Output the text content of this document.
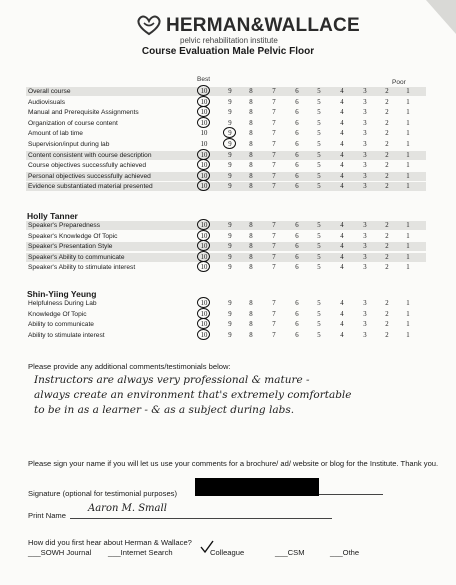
HERMAN&WALLACE
pelvic rehabilitation institute
Course Evaluation Male Pelvic Floor
Best	Poor
Overall course	10	9	8	7	6	5	4	3	2	1
Audiovisuals	10	9	8	7	6	5	4	3	2	1
Manual and Prerequisite Assignments	10	9	8	7	6	5	4	3	2	1
Organization of course content	10	9	8	7	6	5	4	3	2	1
Amount of lab time	10	9	8	7	6	5	4	3	2	1
Supervision/input during lab	10	9	8	7	6	5	4	3	2	1
Content consistent with course description	10	9	8	7	6	5	4	3	2	1
Course objectives successfully achieved	10	9	8	7	6	5	4	3	2	1
Personal objectives successfully achieved	10	9	8	7	6	5	4	3	2	1
Evidence substantiated material presented	10	9	8	7	6	5	4	3	2	1
Holly Tanner
Speaker's Preparedness	10	9	8	7	6	5	4	3	2	1
Speaker's Knowledge Of Topic	10	9	8	7	6	5	4	3	2	1
Speaker's Presentation Style	10	9	8	7	6	5	4	3	2	1
Speaker's Ability to communicate	10	9	8	7	6	5	4	3	2	1
Speaker's Ability to stimulate interest	10	9	8	7	6	5	4	3	2	1
Shin-Yiing Yeung
Helpfulness During Lab	10	9	8	7	6	5	4	3	2	1
Knowledge Of Topic	10	9	8	7	6	5	4	3	2	1
Ability to communicate	10	9	8	7	6	5	4	3	2	1
Ability to stimulate interest	10	9	8	7	6	5	4	3	2	1
Please provide any additional comments/testimonials below:
Instructors are always very professional & mature -
always create an environment that's extremely comfortable
to be in as a learner - & as a subject during labs.
Please sign your name if you will let us use your comments for a brochure/ ad/ website or blog for the Institute. Thank you.
Signature (optional for testimonial purposes)
Print Name
Aaron M. Small
How did you first hear about Herman & Wallace?
___SOWH Journal ___Internet Search	Colleague	___CSM	___Othe
